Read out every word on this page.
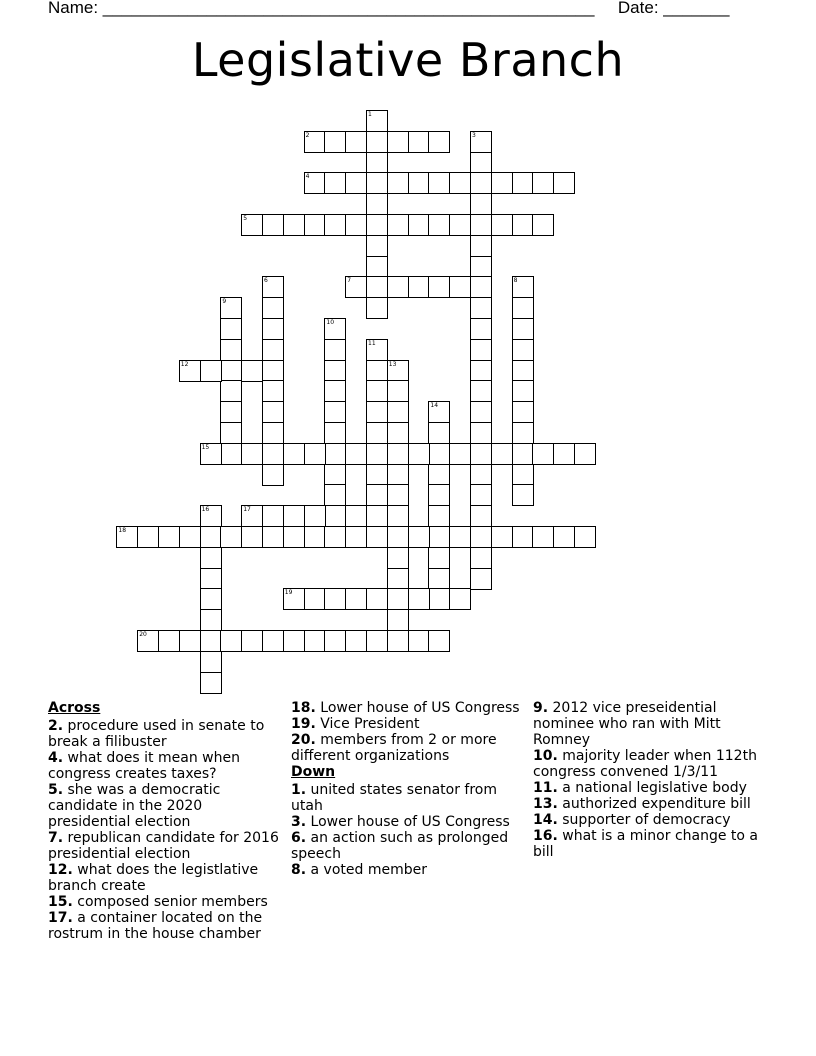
Name: ____________________________________________________ Date: _______
Legislative Branch
1
2	3
4
5
6	7	8
9
10
11
12	13
14
15
16	17
18
19
20
Across
2. procedure used in senate to break a filibuster
4. what does it mean when congress creates taxes?
5. she was a democratic candidate in the 2020 presidential election
7. republican candidate for 2016 presidential election
12. what does the legistlative branch create
15. composed senior members
17. a container located on the rostrum in the house chamber
18. Lower house of US Congress
19. Vice President
20. members from 2 or more different organizations
Down
1. united states senator from utah
3. Lower house of US Congress
6. an action such as prolonged speech
8. a voted member
9. 2012 vice preseidential nominee who ran with Mitt Romney
10. majority leader when 112th congress convened 1/3/11
11. a national legislative body
13. authorized expenditure bill
14. supporter of democracy
16. what is a minor change to a bill
